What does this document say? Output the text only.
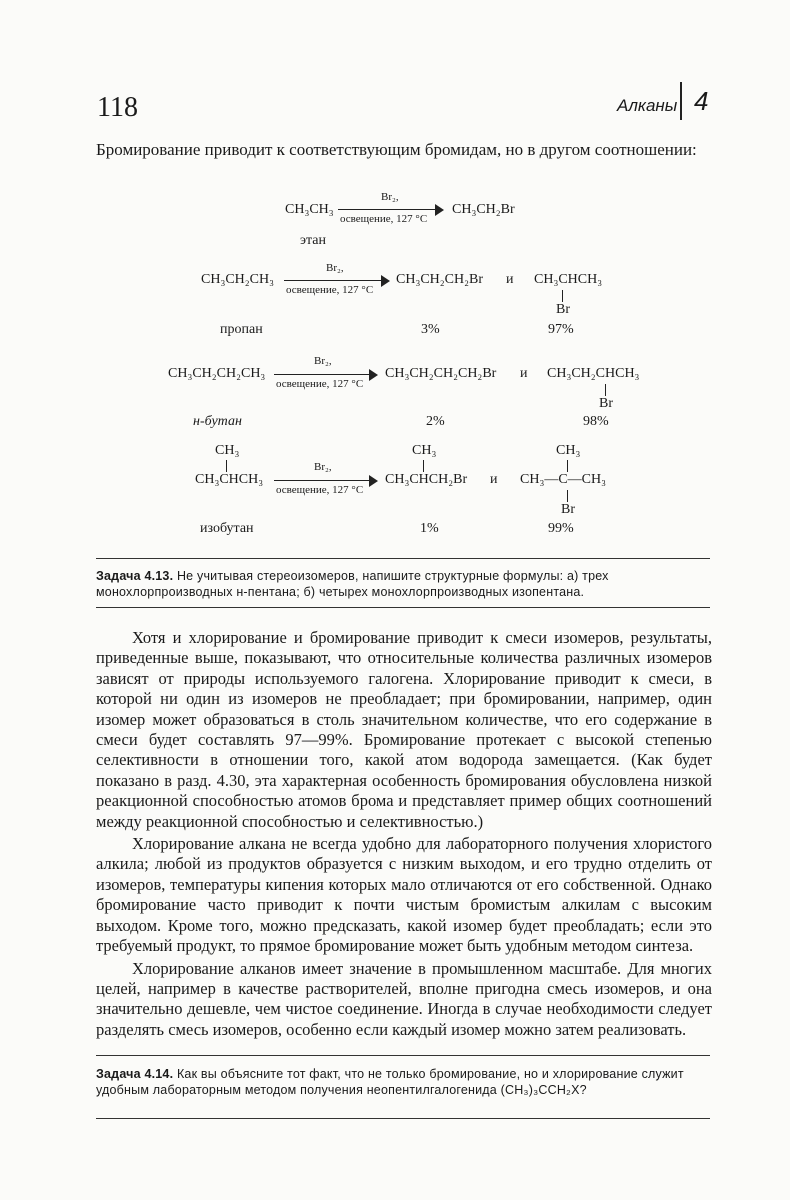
118	Алканы 4
Бромирование приводит к соответствующим бромидам, но в другом соотношении:
CH₃CH₃
Br₂,
освещение, 127 °С
CH₃CH₂Br
этан
CH₃CH₂CH₃
Br₂,
освещение, 127 °С
CH₃CH₂CH₂Br и CH₃CHCH₃
Br
пропан	3%	97%
CH₃CH₂CH₂CH₃
Br₂,
освещение, 127 °С
CH₃CH₂CH₂CH₂Br и CH₃CH₂CHCH₃
Br
н-бутан	2%	98%
CH₃
CH₃CHCH₃
Br₂,
освещение, 127 °С
CH₃
CH₃CHCH₂Br и
CH₃
CH₃—C—CH₃
Br
изобутан	1%	99%
Задача 4.13. Не учитывая стереоизомеров, напишите структурные формулы: а) трех монохлорпроизводных н-пентана; б) четырех монохлорпроизводных изопентана.

Хотя и хлорирование и бромирование приводит к смеси изомеров, результаты, приведенные выше, показывают, что относительные количества различных изомеров зависят от природы используемого галогена. Хлорирование приводит к смеси, в которой ни один из изомеров не преобладает; при бромировании, например, один изомер может образоваться в столь значительном количестве, что его содержание в смеси будет составлять 97—99%. Бромирование протекает с высокой степенью селективности в отношении того, какой атом водорода замещается. (Как будет показано в разд. 4.30, эта характерная особенность бромирования обусловлена низкой реакционной способностью атомов брома и представляет пример общих соотношений между реакционной способностью и селективностью.)

Хлорирование алкана не всегда удобно для лабораторного получения хлористого алкила; любой из продуктов образуется с низким выходом, и его трудно отделить от изомеров, температуры кипения которых мало отличаются от его собственной. Однако бромирование часто приводит к почти чистым бромистым алкилам с высоким выходом. Кроме того, можно предсказать, какой изомер будет преобладать; если это требуемый продукт, то прямое бромирование может быть удобным методом синтеза.

Хлорирование алканов имеет значение в промышленном масштабе. Для многих целей, например в качестве растворителей, вполне пригодна смесь изомеров, и она значительно дешевле, чем чистое соединение. Иногда в случае необходимости следует разделять смесь изомеров, особенно если каждый изомер можно затем реализовать.

Задача 4.14. Как вы объясните тот факт, что не только бромирование, но и хлорирование служит удобным лабораторным методом получения неопентилгалогенида (CH₃)₃CCH₂X?
